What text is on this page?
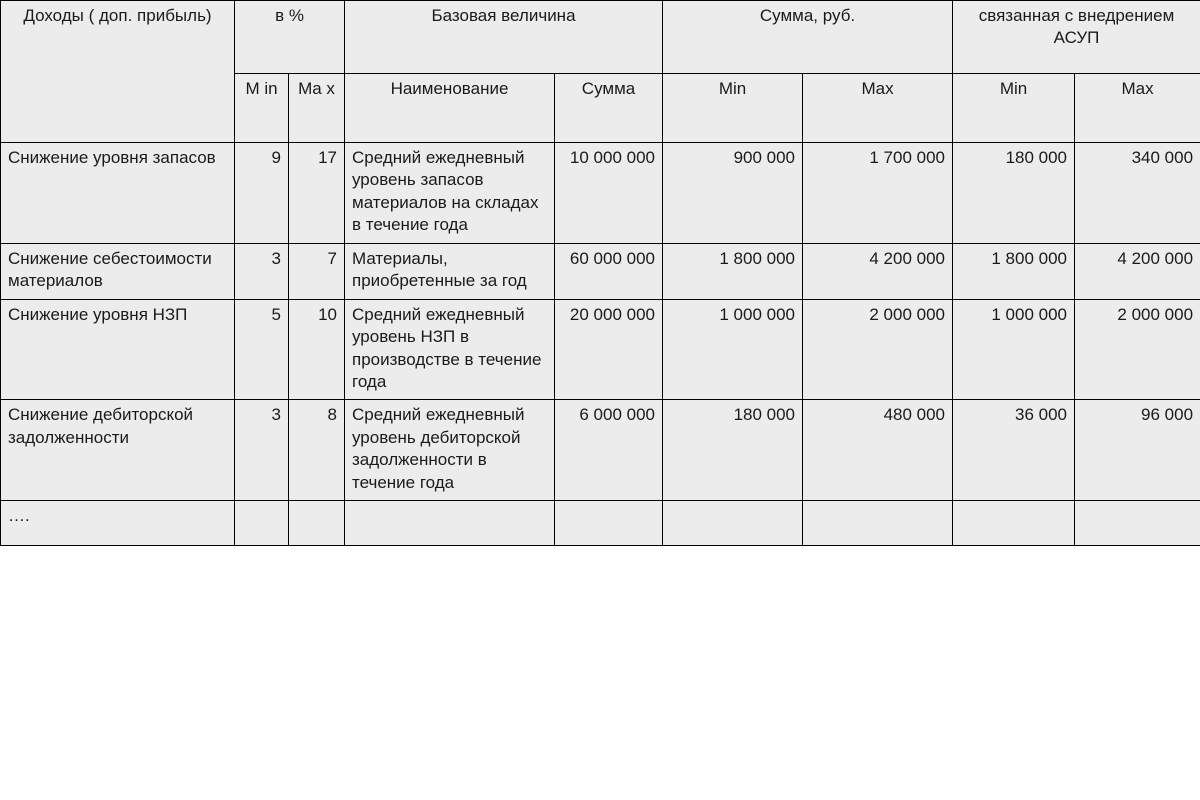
Доходы ( доп. прибыль)	в %		Базовая величина		Сумма, руб.		связанная с внедрением АСУП	
	M in	Ma x	Наименование	Сумма	Min	Max	Min	Max
Снижение уровня запасов	9	17	Средний ежедневный уровень запасов материалов на складах в течение года	10 000 000	900 000	1 700 000	180 000	340 000
Снижение себестоимости материалов	3	7	Материалы, приобретенные за год	60 000 000	1 800 000	4 200 000	1 800 000	4 200 000
Снижение уровня НЗП	5	10	Средний ежедневный уровень НЗП в производстве в течение года	20 000 000	1 000 000	2 000 000	1 000 000	2 000 000
Снижение дебиторской задолженности	3	8	Средний ежедневный уровень дебиторской задолженности в течение года	6 000 000	180 000	480 000	36 000	96 000
….								
